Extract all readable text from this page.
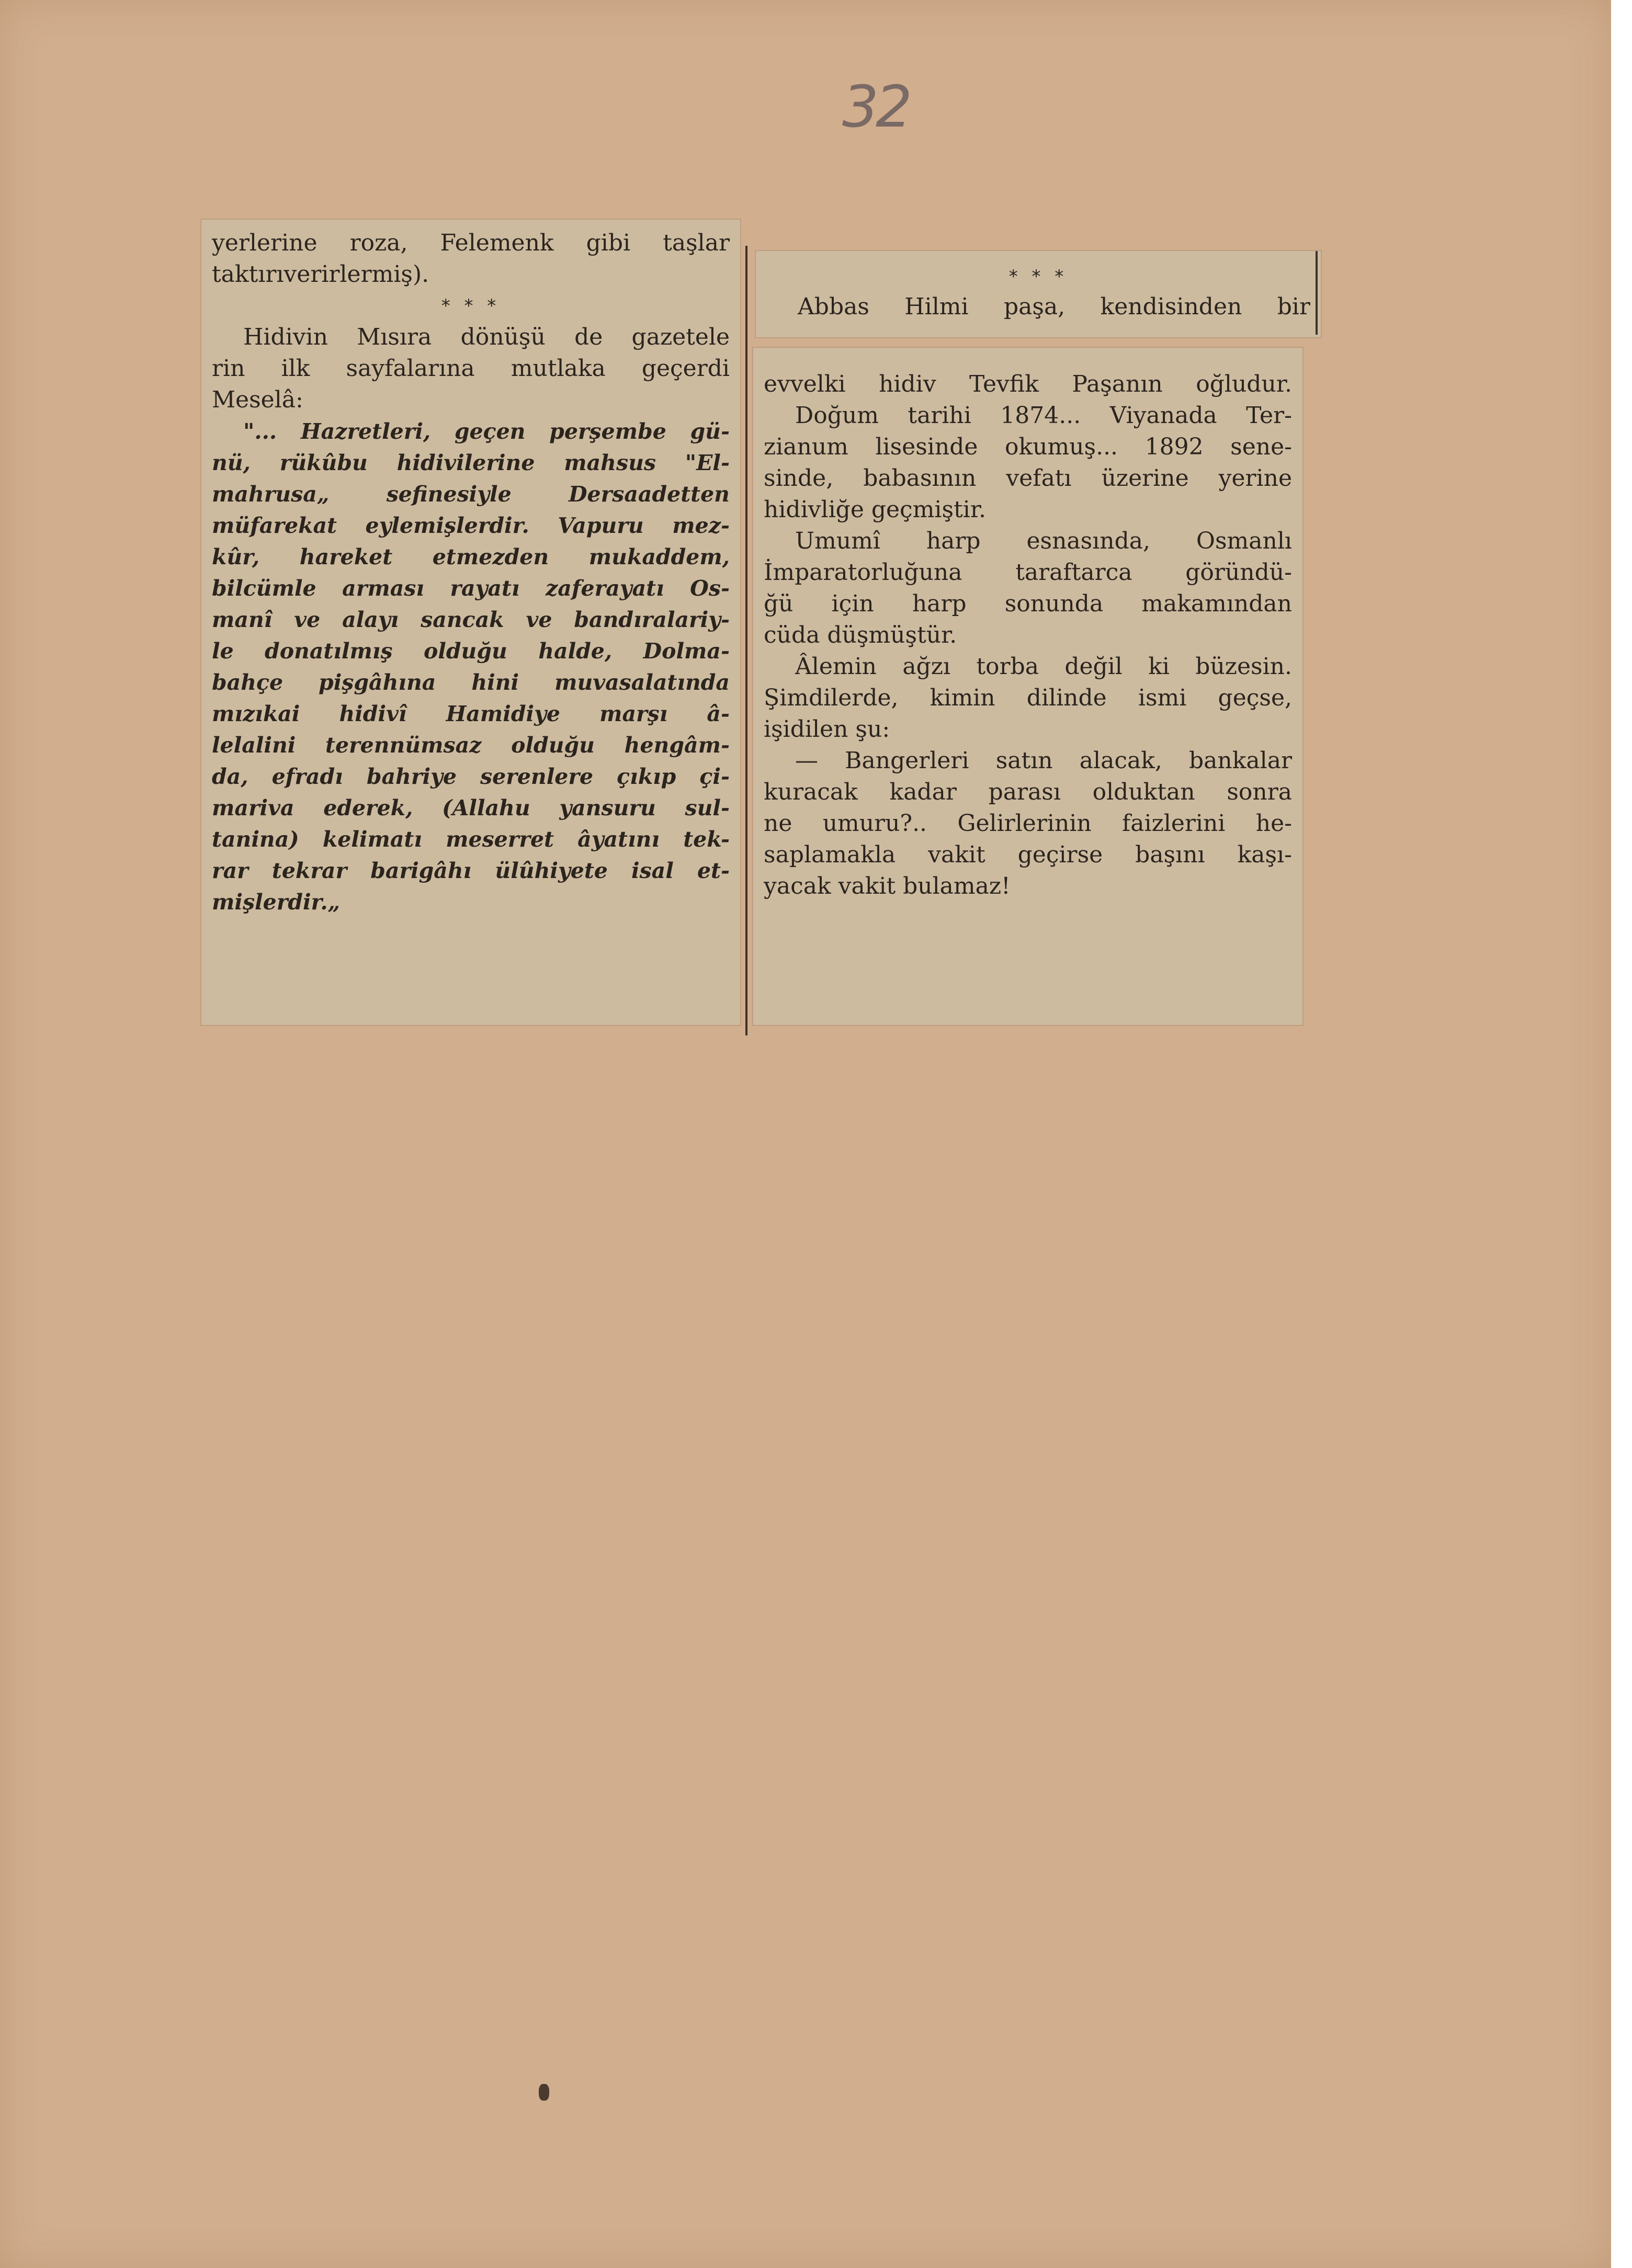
32
yerlerine roza, Felemenk gibi taşlar
taktırıverirlermiş).
* * *
Hidivin Mısıra dönüşü de gazetele
rin ilk sayfalarına mutlaka geçerdi
Meselâ:
"... Hazretleri, geçen perşembe gü-
nü, rükûbu hidivilerine mahsus "El-
mahrusa„ sefinesiyle Dersaadetten
müfarekat eylemişlerdir. Vapuru mez-
kûr, hareket etmezden mukaddem,
bilcümle arması rayatı zaferayatı Os-
manî ve alayı sancak ve bandıralariy-
le donatılmış olduğu halde, Dolma-
bahçe pişgâhına hini muvasalatında
mızıkai hidivî Hamidiye marşı â-
lelalini terennümsaz olduğu hengâm-
da, efradı bahriye serenlere çıkıp çi-
mariva ederek, (Allahu yansuru sul-
tanina) kelimatı meserret âyatını tek-
rar tekrar barigâhı ülûhiyete isal et-
mişlerdir.„
* * *
Abbas Hilmi paşa, kendisinden bir
evvelki hidiv Tevfik Paşanın oğludur.
Doğum tarihi 1874... Viyanada Ter-
zianum lisesinde okumuş... 1892 sene-
sinde, babasının vefatı üzerine yerine
hidivliğe geçmiştir.
Umumî harp esnasında, Osmanlı
İmparatorluğuna taraftarca göründü-
ğü için harp sonunda makamından
cüda düşmüştür.
Âlemin ağzı torba değil ki büzesin.
Şimdilerde, kimin dilinde ismi geçse,
işidilen şu:
— Bangerleri satın alacak, bankalar
kuracak kadar parası olduktan sonra
ne umuru?.. Gelirlerinin faizlerini he-
saplamakla vakit geçirse başını kaşı-
yacak vakit bulamaz!
